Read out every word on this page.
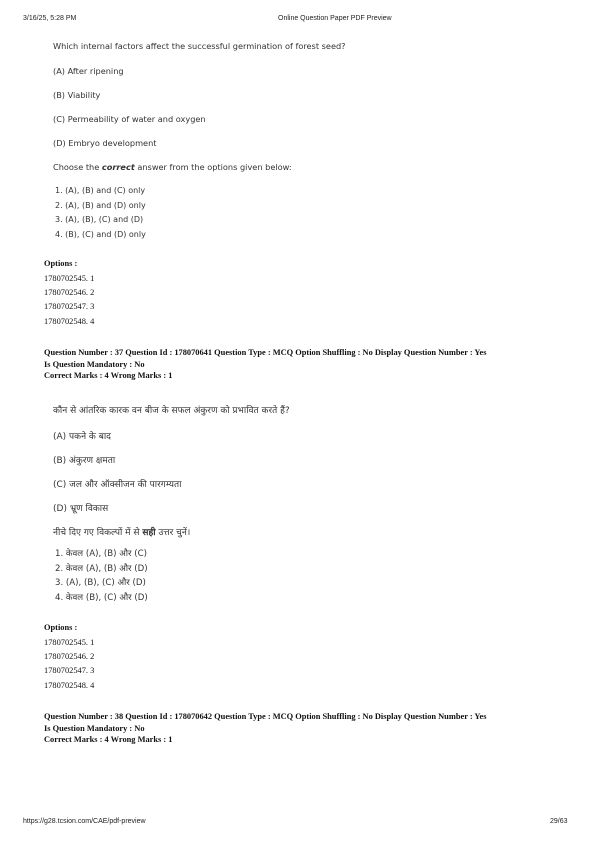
3/16/25, 5:28 PM	Online Question Paper PDF Preview
Which internal factors affect the successful germination of forest seed?
(A) After ripening
(B) Viability
(C) Permeability of water and oxygen
(D) Embryo development
Choose the correct answer from the options given below:
1. (A), (B) and (C) only
2. (A), (B) and (D) only
3. (A), (B), (C) and (D)
4. (B), (C) and (D) only
Options :
1780702545. 1
1780702546. 2
1780702547. 3
1780702548. 4
Question Number : 37 Question Id : 178070641 Question Type : MCQ Option Shuffling : No Display Question Number : Yes
Is Question Mandatory : No
Correct Marks : 4 Wrong Marks : 1
कौन से आंतरिक कारक वन बीज के सफल अंकुरण को प्रभावित करते हैं?
(A) पकने के बाद
(B) अंकुरण क्षमता
(C) जल और ऑक्सीजन की पारगम्यता
(D) भ्रूण विकास
नीचे दिए गए विकल्पों में से सही उत्तर चुनें।
1. केवल (A), (B) और (C)
2. केवल (A), (B) और (D)
3. (A), (B), (C) और (D)
4. केवल (B), (C) और (D)
Options :
1780702545. 1
1780702546. 2
1780702547. 3
1780702548. 4
Question Number : 38 Question Id : 178070642 Question Type : MCQ Option Shuffling : No Display Question Number : Yes
Is Question Mandatory : No
Correct Marks : 4 Wrong Marks : 1
https://g28.tcsion.com/CAE/pdf-preview	29/63
